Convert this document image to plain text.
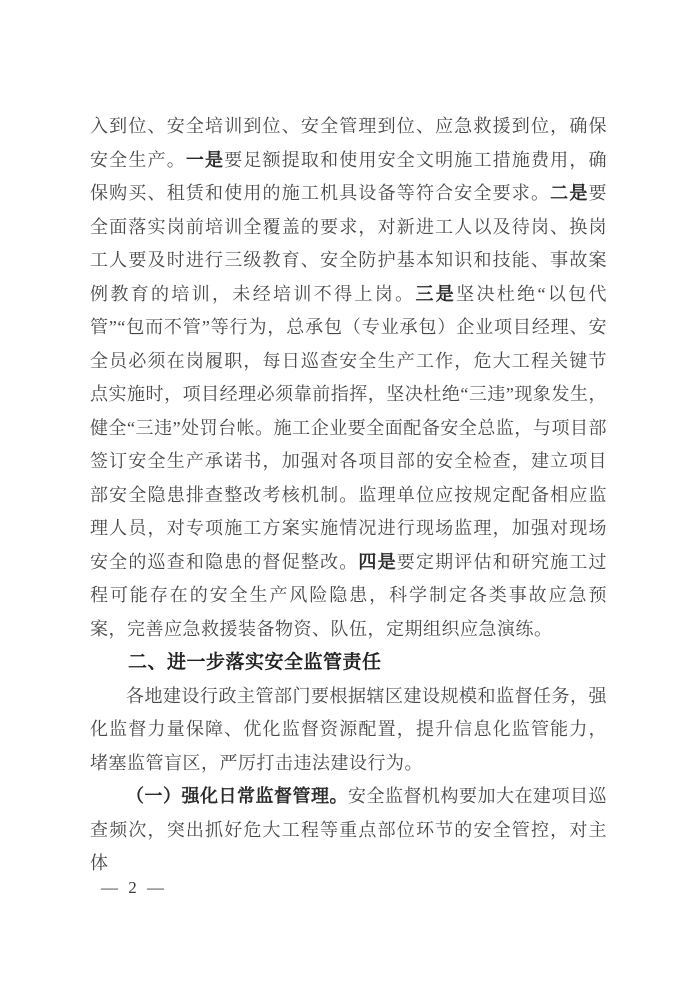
入到位、安全培训到位、安全管理到位、应急救援到位，确保安全生产。一是要足额提取和使用安全文明施工措施费用，确保购买、租赁和使用的施工机具设备等符合安全要求。二是要全面落实岗前培训全覆盖的要求，对新进工人以及待岗、换岗工人要及时进行三级教育、安全防护基本知识和技能、事故案例教育的培训，未经培训不得上岗。三是坚决杜绝“以包代管”“包而不管”等行为，总承包（专业承包）企业项目经理、安全员必须在岗履职，每日巡查安全生产工作，危大工程关键节点实施时，项目经理必须靠前指挥，坚决杜绝“三违”现象发生，健全“三违”处罚台帐。施工企业要全面配备安全总监，与项目部签订安全生产承诺书，加强对各项目部的安全检查，建立项目部安全隐患排查整改考核机制。监理单位应按规定配备相应监理人员，对专项施工方案实施情况进行现场监理，加强对现场安全的巡查和隐患的督促整改。四是要定期评估和研究施工过程可能存在的安全生产风险隐患，科学制定各类事故应急预案，完善应急救援装备物资、队伍，定期组织应急演练。

二、进一步落实安全监管责任

各地建设行政主管部门要根据辖区建设规模和监督任务，强化监督力量保障、优化监督资源配置，提升信息化监管能力，堵塞监管盲区，严厉打击违法建设行为。

（一）强化日常监督管理。安全监督机构要加大在建项目巡查频次，突出抓好危大工程等重点部位环节的安全管控，对主体

— 2 —
